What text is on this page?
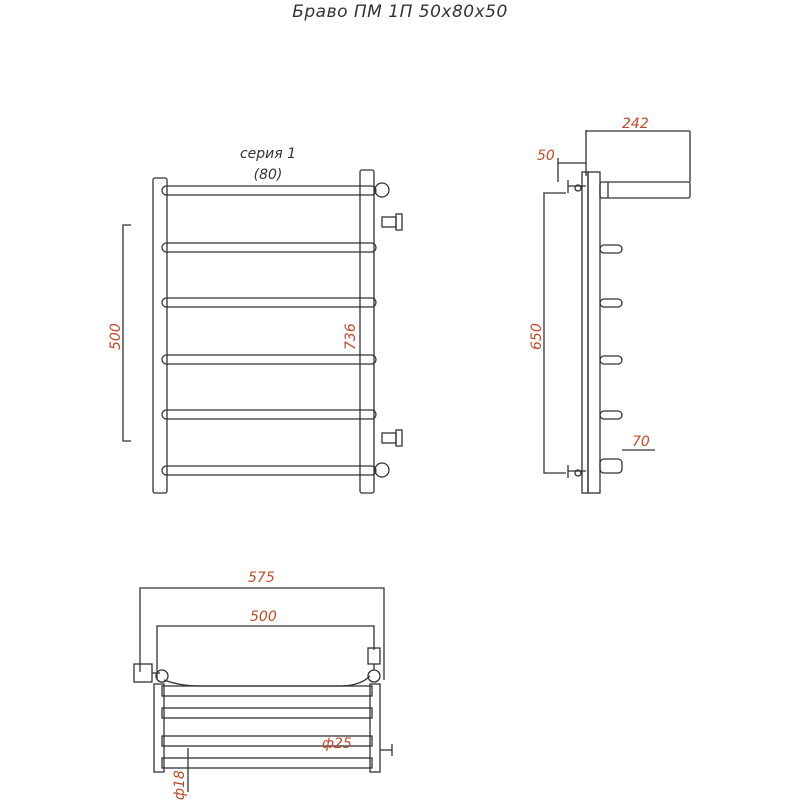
Браво ПМ 1П 50x80x50
серия 1
(80)
500	736
242
50
650
70
575
500
ф25
ф18
